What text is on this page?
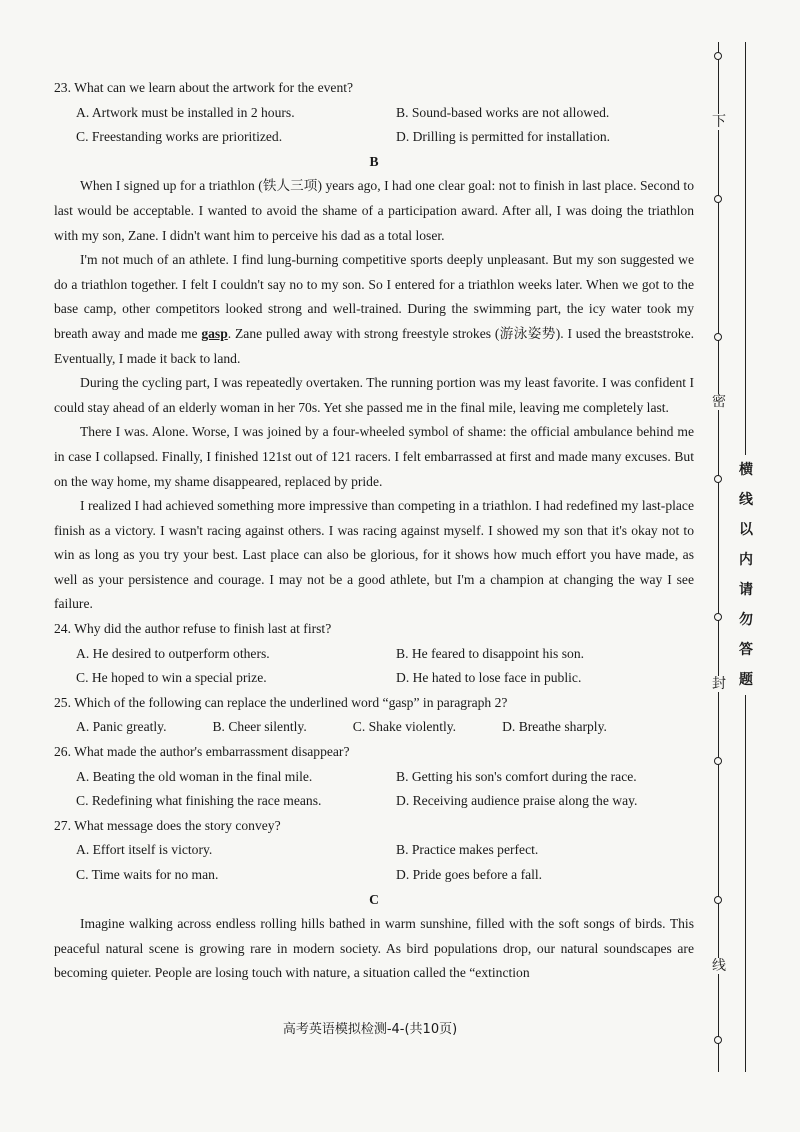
23. What can we learn about the artwork for the event?

A. Artwork must be installed in 2 hours.	B. Sound-based works are not allowed.
C. Freestanding works are prioritized.	D. Drilling is permitted for installation.

B

When I signed up for a triathlon (铁人三项) years ago, I had one clear goal: not to finish in last place. Second to last would be acceptable. I wanted to avoid the shame of a participation award. After all, I was doing the triathlon with my son, Zane. I didn't want him to perceive his dad as a total loser.

I'm not much of an athlete. I find lung-burning competitive sports deeply unpleasant. But my son suggested we do a triathlon together. I felt I couldn't say no to my son. So I entered for a triathlon weeks later. When we got to the base camp, other competitors looked strong and well-trained. During the swimming part, the icy water took my breath away and made me gasp. Zane pulled away with strong freestyle strokes (游泳姿势). I used the breaststroke. Eventually, I made it back to land.

During the cycling part, I was repeatedly overtaken. The running portion was my least favorite. I was confident I could stay ahead of an elderly woman in her 70s. Yet she passed me in the final mile, leaving me completely last.

There I was. Alone. Worse, I was joined by a four-wheeled symbol of shame: the official ambulance behind me in case I collapsed. Finally, I finished 121st out of 121 racers. I felt embarrassed at first and made many excuses. But on the way home, my shame disappeared, replaced by pride.

I realized I had achieved something more impressive than competing in a triathlon. I had redefined my last-place finish as a victory. I wasn't racing against others. I was racing against myself. I showed my son that it's okay not to win as long as you try your best. Last place can also be glorious, for it shows how much effort you have made, as well as your persistence and courage. I may not be a good athlete, but I'm a champion at changing the way I see failure.

24. Why did the author refuse to finish last at first?

A. He desired to outperform others.	B. He feared to disappoint his son.
C. He hoped to win a special prize.	D. He hated to lose face in public.

25. Which of the following can replace the underlined word “gasp” in paragraph 2?

A. Panic greatly.	B. Cheer silently.	C. Shake violently.	D. Breathe sharply.

26. What made the author's embarrassment disappear?

A. Beating the old woman in the final mile.	B. Getting his son's comfort during the race.
C. Redefining what finishing the race means.	D. Receiving audience praise along the way.

27. What message does the story convey?

A. Effort itself is victory.	B. Practice makes perfect.
C. Time waits for no man.	D. Pride goes before a fall.

C

Imagine walking across endless rolling hills bathed in warm sunshine, filled with the soft songs of birds. This peaceful natural scene is growing rare in modern society. As bird populations drop, our natural soundscapes are becoming quieter. People are losing touch with nature, a situation called the “extinction

高考英语模拟检测-4-(共10页)
下
密
封
线
横
线
以
内
请
勿
答
题
